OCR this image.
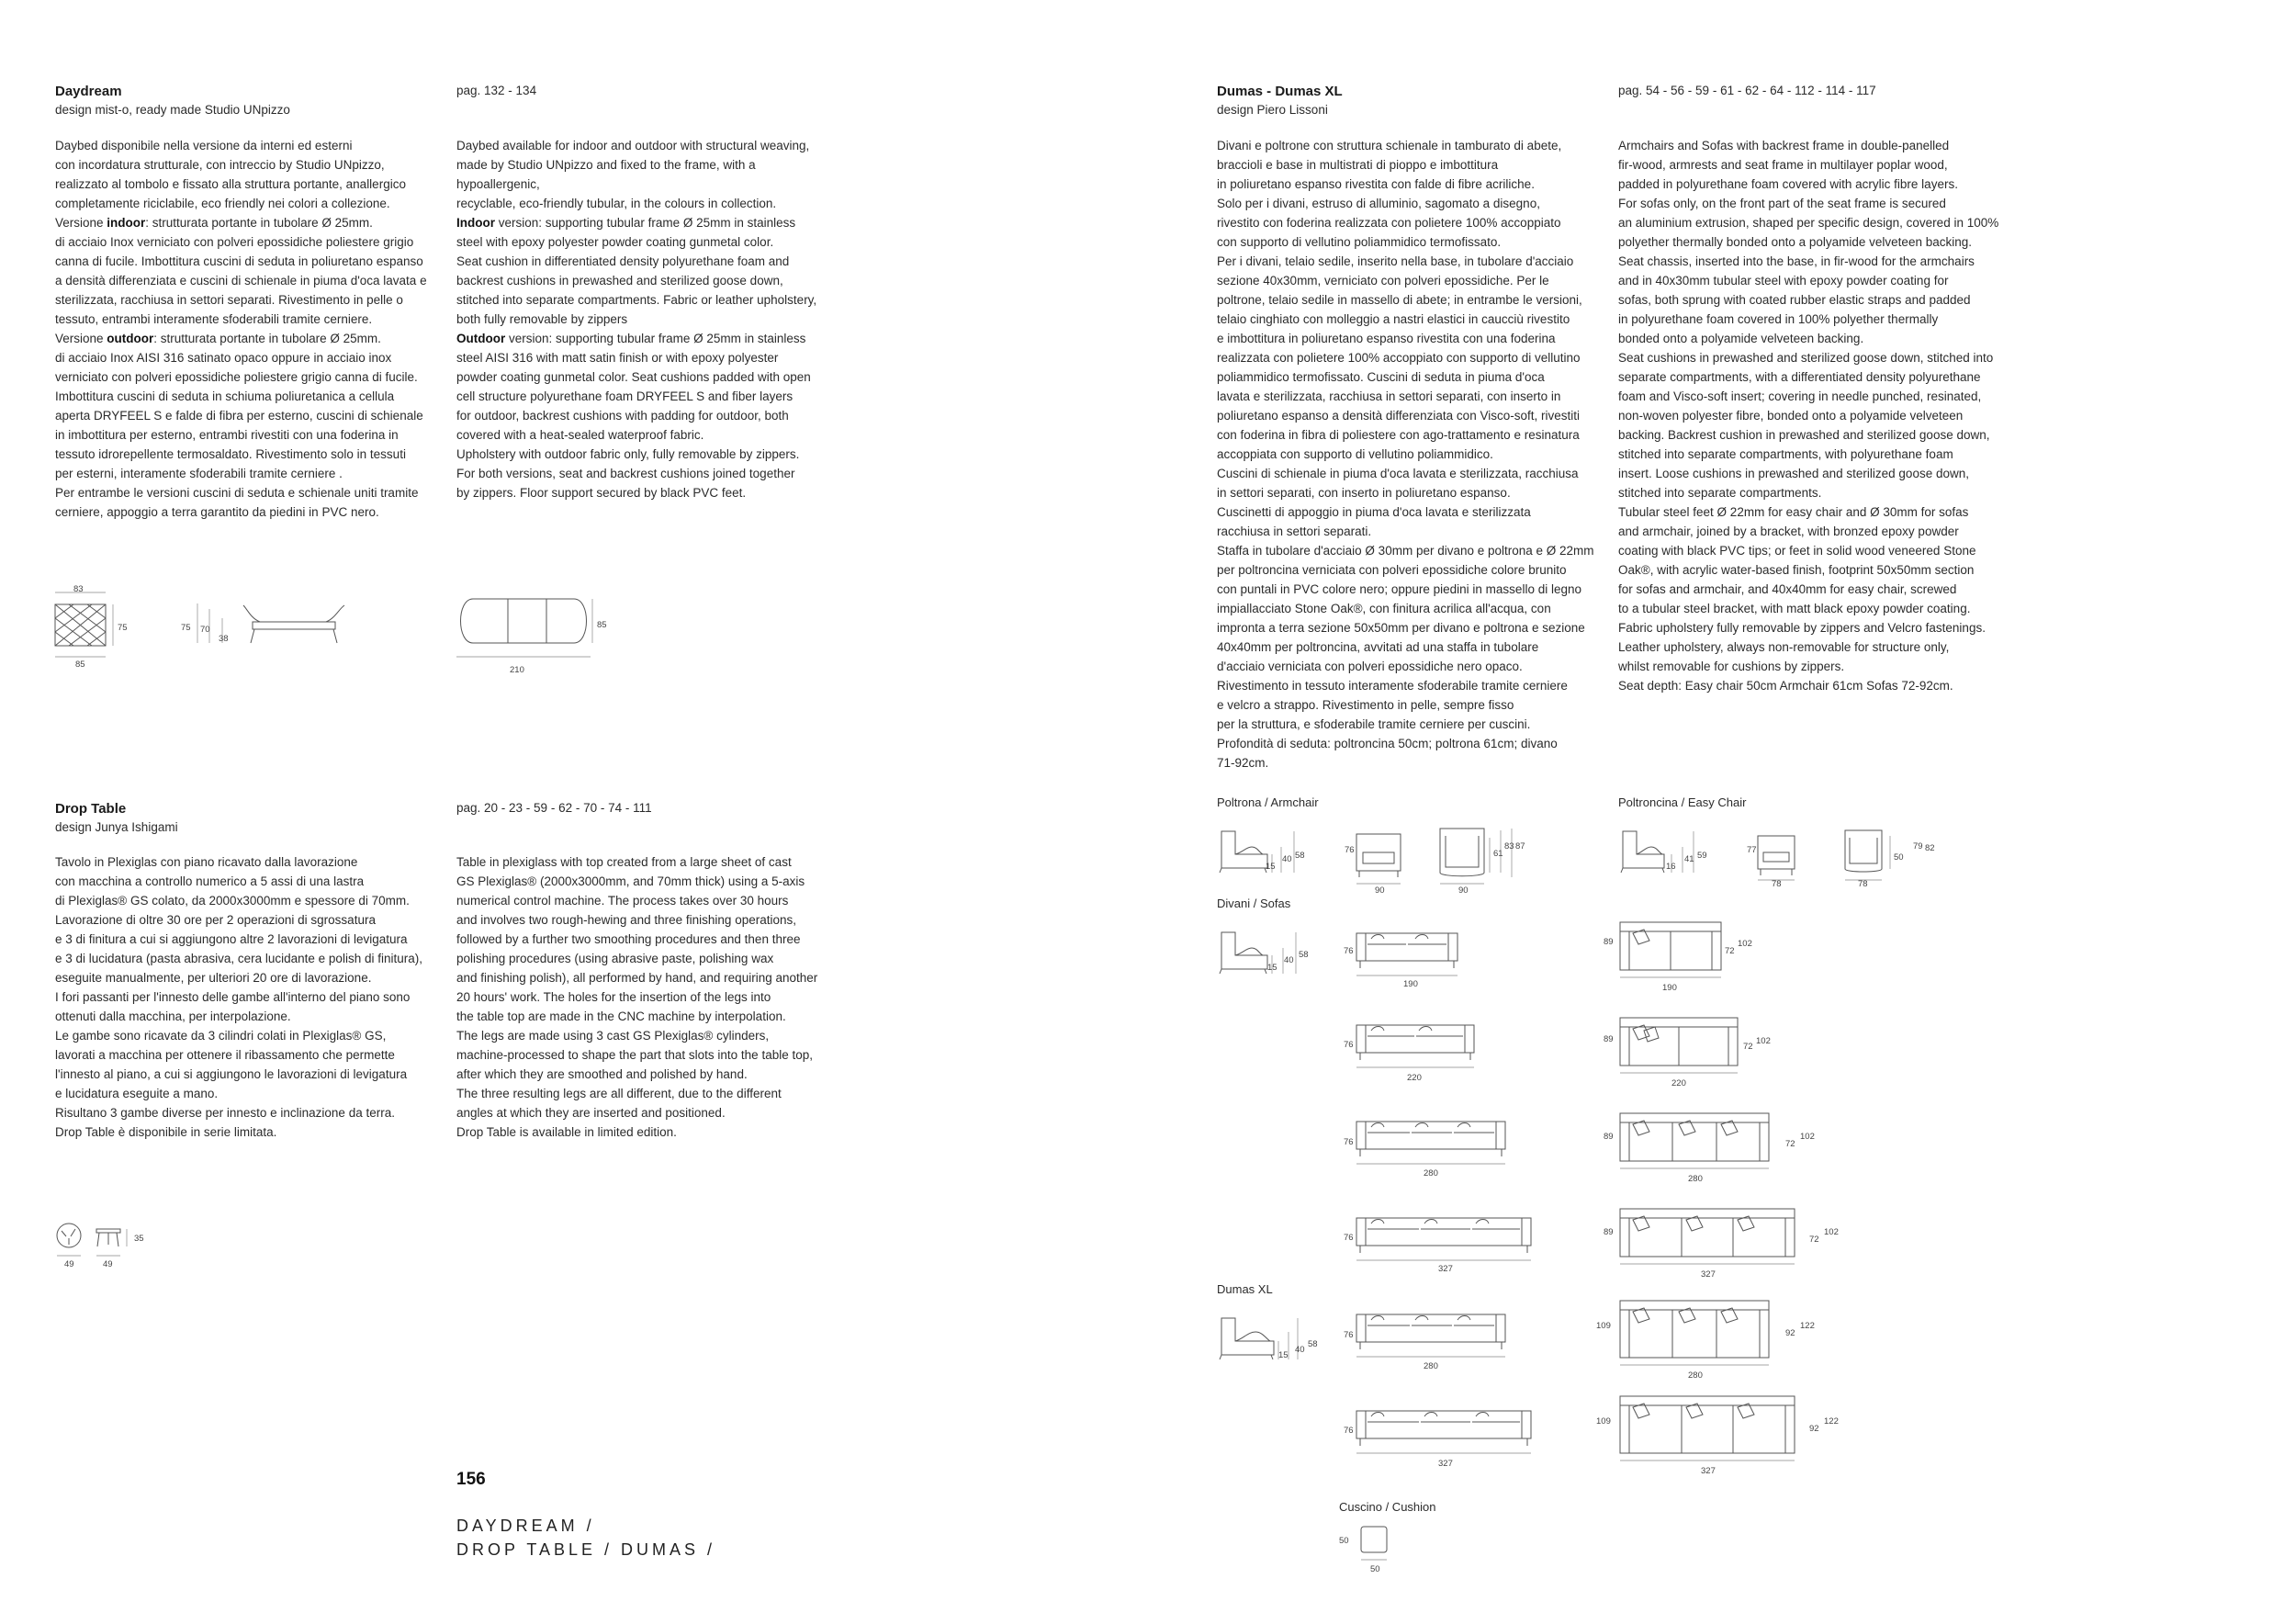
Daydream
design mist-o, ready made Studio UNpizzo
pag. 132 - 134
Daybed disponibile nella versione da interni ed esterni
con incordatura strutturale, con intreccio by Studio UNpizzo,
realizzato al tombolo e fissato alla struttura portante, anallergico
completamente riciclabile, eco friendly nei colori a collezione.
Versione indoor: strutturata portante in tubolare Ø 25mm.
di acciaio Inox verniciato con polveri epossidiche poliestere grigio
canna di fucile. Imbottitura cuscini di seduta in poliuretano espanso
a densità differenziata e cuscini di schienale in piuma d'oca lavata e
sterilizzata, racchiusa in settori separati. Rivestimento in pelle o
tessuto, entrambi interamente sfoderabili tramite cerniere.
Versione outdoor: strutturata portante in tubolare Ø 25mm.
di acciaio Inox AISI 316 satinato opaco oppure in acciaio inox
verniciato con polveri epossidiche poliestere grigio canna di fucile.
Imbottitura cuscini di seduta in schiuma poliuretanica a cellula
aperta DRYFEEL S e falde di fibra per esterno, cuscini di schienale
in imbottitura per esterno, entrambi rivestiti con una foderina in
tessuto idrorepellente termosaldato. Rivestimento solo in tessuti
per esterni, interamente sfoderabili tramite cerniere .
Per entrambe le versioni cuscini di seduta e schienale uniti tramite
cerniere, appoggio a terra garantito da piedini in PVC nero.
Daybed available for indoor and outdoor with structural weaving,
made by Studio UNpizzo and fixed to the frame, with a
hypoallergenic,
recyclable, eco-friendly tubular, in the colours in collection.
Indoor version: supporting tubular frame Ø 25mm in stainless
steel with epoxy polyester powder coating gunmetal color.
Seat cushion in differentiated density polyurethane foam and
backrest cushions in prewashed and sterilized goose down,
stitched into separate compartments. Fabric or leather upholstery,
both fully removable by zippers
Outdoor version: supporting tubular frame Ø 25mm in stainless
steel AISI 316 with matt satin finish or with epoxy polyester
powder coating gunmetal color. Seat cushions padded with open
cell structure polyurethane foam DRYFEEL S and fiber layers
for outdoor, backrest cushions with padding for outdoor, both
covered with a heat-sealed waterproof fabric.
Upholstery with outdoor fabric only, fully removable by zippers.
For both versions, seat and backrest cushions joined together
by zippers. Floor support secured by black PVC feet.
83
75
85
75 70
38
85
210
Drop Table
design Junya Ishigami
pag. 20 - 23 - 59 - 62 - 70 - 74 - 111
Tavolo in Plexiglas con piano ricavato dalla lavorazione
con macchina a controllo numerico a 5 assi di una lastra
di Plexiglas® GS colato, da 2000x3000mm e spessore di 70mm.
Lavorazione di oltre 30 ore per 2 operazioni di sgrossatura
e 3 di finitura a cui si aggiungono altre 2 lavorazioni di levigatura
e 3 di lucidatura (pasta abrasiva, cera lucidante e polish di finitura),
eseguite manualmente, per ulteriori 20 ore di lavorazione.
I fori passanti per l'innesto delle gambe all'interno del piano sono
ottenuti dalla macchina, per interpolazione.
Le gambe sono ricavate da 3 cilindri colati in Plexiglas® GS,
lavorati a macchina per ottenere il ribassamento che permette
l'innesto al piano, a cui si aggiungono le lavorazioni di levigatura
e lucidatura eseguite a mano.
Risultano 3 gambe diverse per innesto e inclinazione da terra.
Drop Table è disponibile in serie limitata.
Table in plexiglass with top created from a large sheet of cast
GS Plexiglas® (2000x3000mm, and 70mm thick) using a 5-axis
numerical control machine. The process takes over 30 hours
and involves two rough-hewing and three finishing operations,
followed by a further two smoothing procedures and then three
polishing procedures (using abrasive paste, polishing wax
and finishing polish), all performed by hand, and requiring another
20 hours' work. The holes for the insertion of the legs into
the table top are made in the CNC machine by interpolation.
The legs are made using 3 cast GS Plexiglas® cylinders,
machine-processed to shape the part that slots into the table top,
after which they are smoothed and polished by hand.
The three resulting legs are all different, due to the different
angles at which they are inserted and positioned.
Drop Table is available in limited edition.
49	49
35
Dumas - Dumas XL
design Piero Lissoni
pag. 54 - 56 - 59 - 61 - 62 - 64 - 112 - 114 - 117
Divani e poltrone con struttura schienale in tamburato di abete,
braccioli e base in multistrati di pioppo e imbottitura
in poliuretano espanso rivestita con falde di fibre acriliche.
Solo per i divani, estruso di alluminio, sagomato a disegno,
rivestito con foderina realizzata con polietere 100% accoppiato
con supporto di vellutino poliammidico termofissato.
Per i divani, telaio sedile, inserito nella base, in tubolare d'acciaio
sezione 40x30mm, verniciato con polveri epossidiche. Per le
poltrone, telaio sedile in massello di abete; in entrambe le versioni,
telaio cinghiato con molleggio a nastri elastici in caucciù rivestito
e imbottitura in poliuretano espanso rivestita con una foderina
realizzata con polietere 100% accoppiato con supporto di vellutino
poliammidico termofissato. Cuscini di seduta in piuma d'oca
lavata e sterilizzata, racchiusa in settori separati, con inserto in
poliuretano espanso a densità differenziata con Visco-soft, rivestiti
con foderina in fibra di poliestere con ago-trattamento e resinatura
accoppiata con supporto di vellutino poliammidico.
Cuscini di schienale in piuma d'oca lavata e sterilizzata, racchiusa
in settori separati, con inserto in poliuretano espanso.
Cuscinetti di appoggio in piuma d'oca lavata e sterilizzata
racchiusa in settori separati.
Staffa in tubolare d'acciaio Ø 30mm per divano e poltrona e Ø 22mm
per poltroncina verniciata con polveri epossidiche colore brunito
con puntali in PVC colore nero; oppure piedini in massello di legno
impiallacciato Stone Oak®, con finitura acrilica all'acqua, con
impronta a terra sezione 50x50mm per divano e poltrona e sezione
40x40mm per poltroncina, avvitati ad una staffa in tubolare
d'acciaio verniciata con polveri epossidiche nero opaco.
Rivestimento in tessuto interamente sfoderabile tramite cerniere
e velcro a strappo. Rivestimento in pelle, sempre fisso
per la struttura, e sfoderabile tramite cerniere per cuscini.
Profondità di seduta: poltroncina 50cm; poltrona 61cm; divano
71-92cm.
Armchairs and Sofas with backrest frame in double-panelled
fir-wood, armrests and seat frame in multilayer poplar wood,
padded in polyurethane foam covered with acrylic fibre layers.
For sofas only, on the front part of the seat frame is secured
an aluminium extrusion, shaped per specific design, covered in 100%
polyether thermally bonded onto a polyamide velveteen backing.
Seat chassis, inserted into the base, in fir-wood for the armchairs
and in 40x30mm tubular steel with epoxy powder coating for
sofas, both sprung with coated rubber elastic straps and padded
in polyurethane foam covered in 100% polyether thermally
bonded onto a polyamide velveteen backing.
Seat cushions in prewashed and sterilized goose down, stitched into
separate compartments, with a differentiated density polyurethane
foam and Visco-soft insert; covering in needle punched, resinated,
non-woven polyester fibre, bonded onto a polyamide velveteen
backing. Backrest cushion in prewashed and sterilized goose down,
stitched into separate compartments, with polyurethane foam
insert. Loose cushions in prewashed and sterilized goose down,
stitched into separate compartments.
Tubular steel feet Ø 22mm for easy chair and Ø 30mm for sofas
and armchair, joined by a bracket, with bronzed epoxy powder
coating with black PVC tips; or feet in solid wood veneered Stone
Oak®, with acrylic water-based finish, footprint 50x50mm section
for sofas and armchair, and 40x40mm for easy chair, screwed
to a tubular steel bracket, with matt black epoxy powder coating.
Fabric upholstery fully removable by zippers and Velcro fastenings.
Leather upholstery, always non-removable for structure only,
whilst removable for cushions by zippers.
Seat depth: Easy chair 50cm Armchair 61cm Sofas 72-92cm.
Poltrona / Armchair	Poltroncina / Easy Chair
Divani / Sofas
Dumas XL
Cuscino / Cushion
15
40 58
76
90	90
61
83 87
16
41 59
77
78	78
50
79 82
15
40
58
15
40
58
76
190
76
220
76
280
76
327
76
280
76
327
89
72
102
190
89
72
102
220
89
72
102
280
89
72
102
327
109
92
122
280
109
92
122
327
50
50
156
DAYDREAM /
DROP TABLE / DUMAS /
